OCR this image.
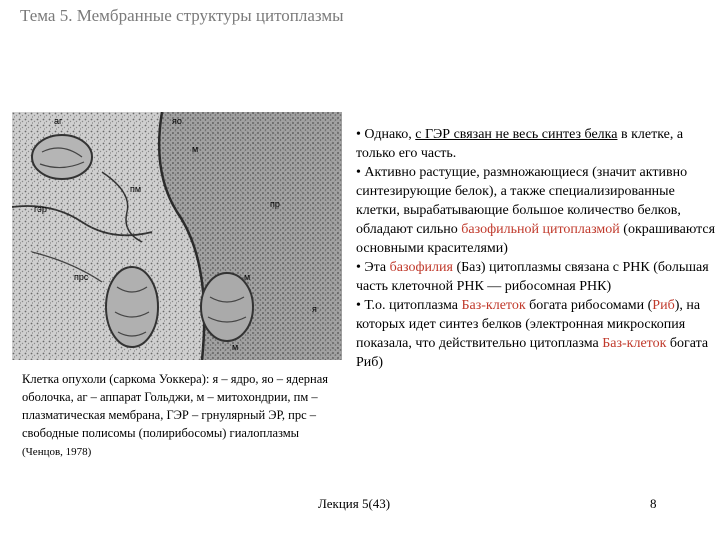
Тема 5. Мембранные структуры цитоплазмы
аг	яо
м
гэр
пм
пр
прс	м
м
я
Клетка опухоли (саркома Уоккера): я – ядро, яо – ядерная оболочка, аг – аппарат Гольджи, м – митохондрии, пм – плазматическая мембрана, ГЭР – грнулярный ЭР, прс – свободные полисомы (полирибосомы) гиалоплазмы (Ченцов, 1978)

• Однако, с ГЭР связан не весь синтез белка в клетке, а только его часть.

• Активно растущие, размножающиеся (значит активно синтезирующие белок), а также специализированные клетки, вырабатывающие большое количество белков, обладают сильно базофильной цитоплазмой (окрашиваются основными красителями)

• Эта базофилия (Баз) цитоплазмы связана с РНК (большая часть клеточной РНК — рибосомная РНК)

• Т.о. цитоплазма Баз-клеток богата рибосомами (Риб), на которых идет синтез белков (электронная микроскопия показала, что действительно цитоплазма Баз-клеток богата Риб)

Лекция 5(43)	8
